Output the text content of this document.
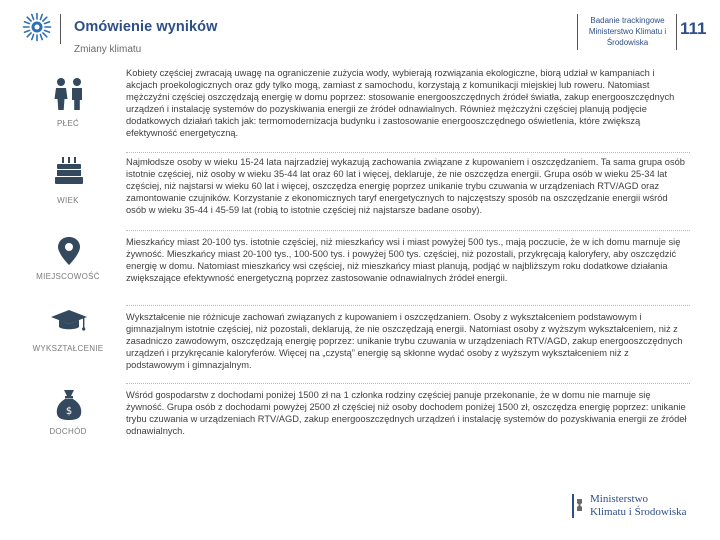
Omówienie wyników
Zmiany klimatu
Badanie trackingowe Ministerstwo Klimatu i Środowiska
111
PŁEĆ
Kobiety częściej zwracają uwagę na ograniczenie zużycia wody, wybierają rozwiązania ekologiczne, biorą udział w kampaniach i akcjach proekologicznych oraz gdy tylko mogą, zamiast z samochodu, korzystają z komunikacji miejskiej lub roweru. Natomiast mężczyźni częściej oszczędzają energię w domu poprzez: stosowanie energooszczędnych źródeł światła, zakup energooszczędnych urządzeń i instalację systemów do pozyskiwania energii ze źródeł odnawialnych. Również mężczyźni częściej planują podjęcie dodatkowych działań takich jak: termomodernizacja budynku i zastosowanie energooszczędnego oświetlenia, które zwiększą efektywność energetyczną.
WIEK
Najmłodsze osoby w wieku 15-24 lata najrzadziej wykazują zachowania związane z kupowaniem i oszczędzaniem. Ta sama grupa osób istotnie częściej, niż osoby w wieku 35-44 lat oraz 60 lat i więcej, deklaruje, że nie oszczędza energii. Grupa osób w wieku 25-34 lat częściej, niż najstarsi w wieku 60 lat i więcej, oszczędza energię poprzez unikanie trybu czuwania w urządzeniach RTV/AGD oraz zamontowanie czujników. Korzystanie z ekonomicznych taryf energetycznych to najczęstszy sposób na oszczędzanie energii wśród osób w wieku 35-44 i 45-59 lat (robią to istotnie częściej niż najstarsze badane osoby).
MIEJSCOWOŚĆ
Mieszkańcy miast 20-100 tys. istotnie częściej, niż mieszkańcy wsi i miast powyżej 500 tys., mają poczucie, że w ich domu marnuje się żywność. Mieszkańcy miast 20-100 tys., 100-500 tys. i powyżej 500 tys. częściej, niż pozostali, przykręcają kaloryfery, aby oszczędzić energię w domu. Natomiast mieszkańcy wsi częściej, niż mieszkańcy miast planują, podjąć w najbliższym roku dodatkowe działania zwiększające efektywność energetyczną poprzez zastosowanie odnawialnych źródeł energii.
WYKSZTAŁCENIE
Wykształcenie nie różnicuje zachowań związanych z kupowaniem i oszczędzaniem. Osoby z wykształceniem podstawowym i gimnazjalnym istotnie częściej, niż pozostali, deklarują, że nie oszczędzają energii. Natomiast osoby z wyższym wykształceniem, niż z zasadniczo zawodowym, oszczędzają energię poprzez: unikanie trybu czuwania w urządzeniach RTV/AGD, zakup energooszczędnych urządzeń i przykręcanie kaloryferów. Więcej na „czystą” energię są skłonne wydać osoby z wyższym wykształceniem niż z podstawowym i gimnazjalnym.
$
DOCHÓD
Wśród gospodarstw z dochodami poniżej 1500 zł na 1 członka rodziny częściej panuje przekonanie, że w domu nie marnuje się żywność. Grupa osób z dochodami powyżej 2500 zł częściej niż osoby dochodem poniżej 1500 zł, oszczędza energię poprzez: unikanie trybu czuwania w urządzeniach RTV/AGD, zakup energooszczędnych urządzeń i instalację systemów do pozyskiwania energii ze źródeł odnawialnych.
Ministerstwo
Klimatu i Środowiska
